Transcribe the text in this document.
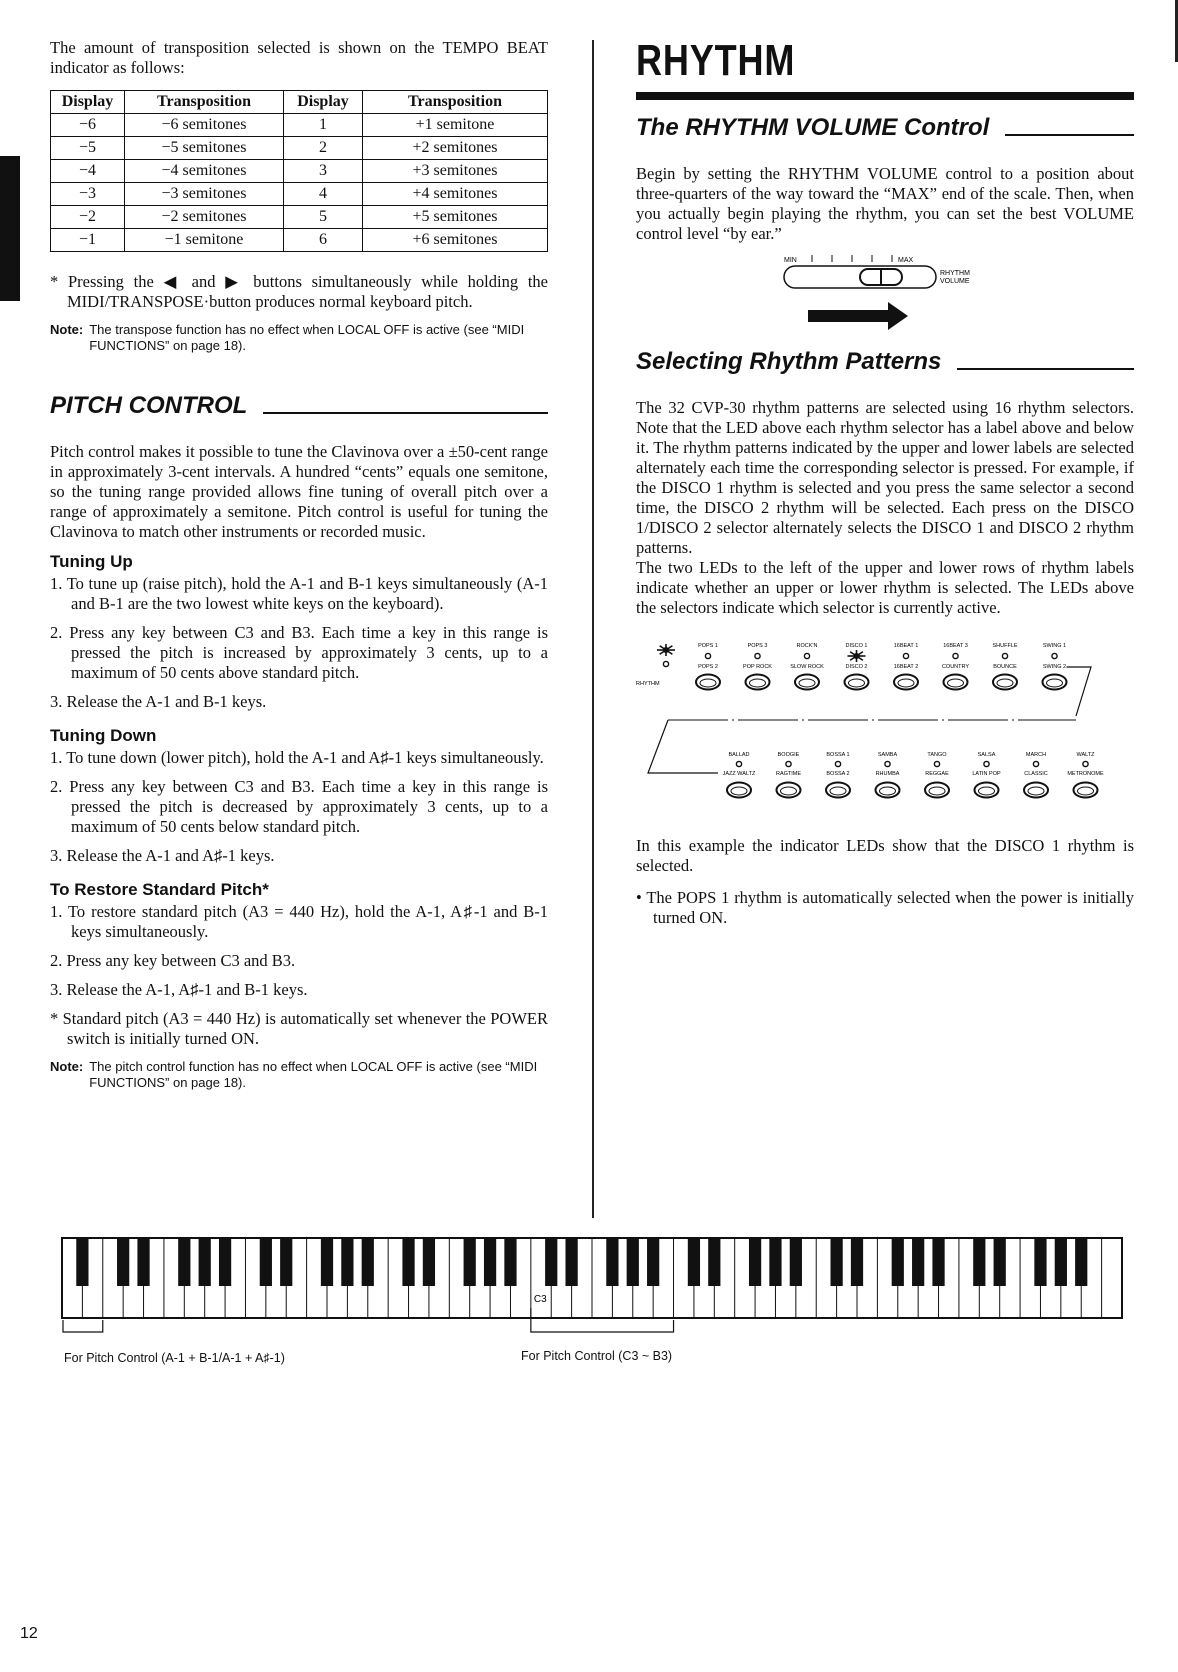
The amount of transposition selected is shown on the TEMPO BEAT indicator as follows:

Display	Transposition	Display	Transposition
−6	−6 semitones	1	+1 semitone
−5	−5 semitones	2	+2 semitones
−4	−4 semitones	3	+3 semitones
−3	−3 semitones	4	+4 semitones
−2	−2 semitones	5	+5 semitones
−1	−1 semitone	6	+6 semitones

* Pressing the ◀ and ▶ buttons simultaneously while holding the MIDI/TRANSPOSE·button produces normal keyboard pitch.

Note: The transpose function has no effect when LOCAL OFF is active (see “MIDI FUNCTIONS” on page 18).
PITCH CONTROL

Pitch control makes it possible to tune the Clavinova over a ±50-cent range in approximately 3-cent intervals. A hundred “cents” equals one semitone, so the tuning range provided allows fine tuning of overall pitch over a range of approximately a semitone. Pitch control is useful for tuning the Clavinova to match other instruments or recorded music.

Tuning Up
1. To tune up (raise pitch), hold the A-1 and B-1 keys simultaneously (A-1 and B-1 are the two lowest white keys on the keyboard).
2. Press any key between C3 and B3. Each time a key in this range is pressed the pitch is increased by approximately 3 cents, up to a maximum of 50 cents above standard pitch.
3. Release the A-1 and B-1 keys.
Tuning Down
1. To tune down (lower pitch), hold the A-1 and A♯-1 keys simultaneously.
2. Press any key between C3 and B3. Each time a key in this range is pressed the pitch is decreased by approximately 3 cents, up to a maximum of 50 cents below standard pitch.
3. Release the A-1 and A♯-1 keys.
To Restore Standard Pitch*
1. To restore standard pitch (A3 = 440 Hz), hold the A-1, A♯-1 and B-1 keys simultaneously.
2. Press any key between C3 and B3.
3. Release the A-1, A♯-1 and B-1 keys.

* Standard pitch (A3 = 440 Hz) is automatically set whenever the POWER switch is initially turned ON.

Note: The pitch control function has no effect when LOCAL OFF is active (see “MIDI FUNCTIONS” on page 18).
RHYTHM
The RHYTHM VOLUME Control

Begin by setting the RHYTHM VOLUME control to a position about three-quarters of the way toward the “MAX” end of the scale. Then, when you actually begin playing the rhythm, you can set the best VOLUME control level “by ear.”

MIN	MAX
RHYTHM
VOLUME
Selecting Rhythm Patterns

The 32 CVP-30 rhythm patterns are selected using 16 rhythm selectors. Note that the LED above each rhythm selector has a label above and below it. The rhythm patterns indicated by the upper and lower labels are selected alternately each time the corresponding selector is pressed. For example, if the DISCO 1 rhythm is selected and you press the same selector a second time, the DISCO 2 rhythm will be selected. Each press on the DISCO 1/DISCO 2 selector alternately selects the DISCO 1 and DISCO 2 rhythm patterns.

The two LEDs to the left of the upper and lower rows of rhythm labels indicate whether an upper or lower rhythm is selected. The LEDs above the selectors indicate which selector is currently active.

POPS 1
POPS 2
POPS 3
POP ROCK
ROCK'N
SLOW ROCK
DISCO 1
DISCO 2
16BEAT 1
16BEAT 2
16BEAT 3
COUNTRY
SHUFFLE
BOUNCE
SWING 1
SWING 2
RHYTHM
BALLAD
JAZZ WALTZ
BOOGIE
RAGTIME
BOSSA 1
BOSSA 2
SAMBA
RHUMBA
TANGO
REGGAE
SALSA
LATIN POP
MARCH
CLASSIC
WALTZ
METRONOME

In this example the indicator LEDs show that the DISCO 1 rhythm is selected.

• The POPS 1 rhythm is automatically selected when the power is initially turned ON.

C3
For Pitch Control (A-1 + B-1/A-1 + A♯-1)	For Pitch Control (C3 ~ B3)
12
